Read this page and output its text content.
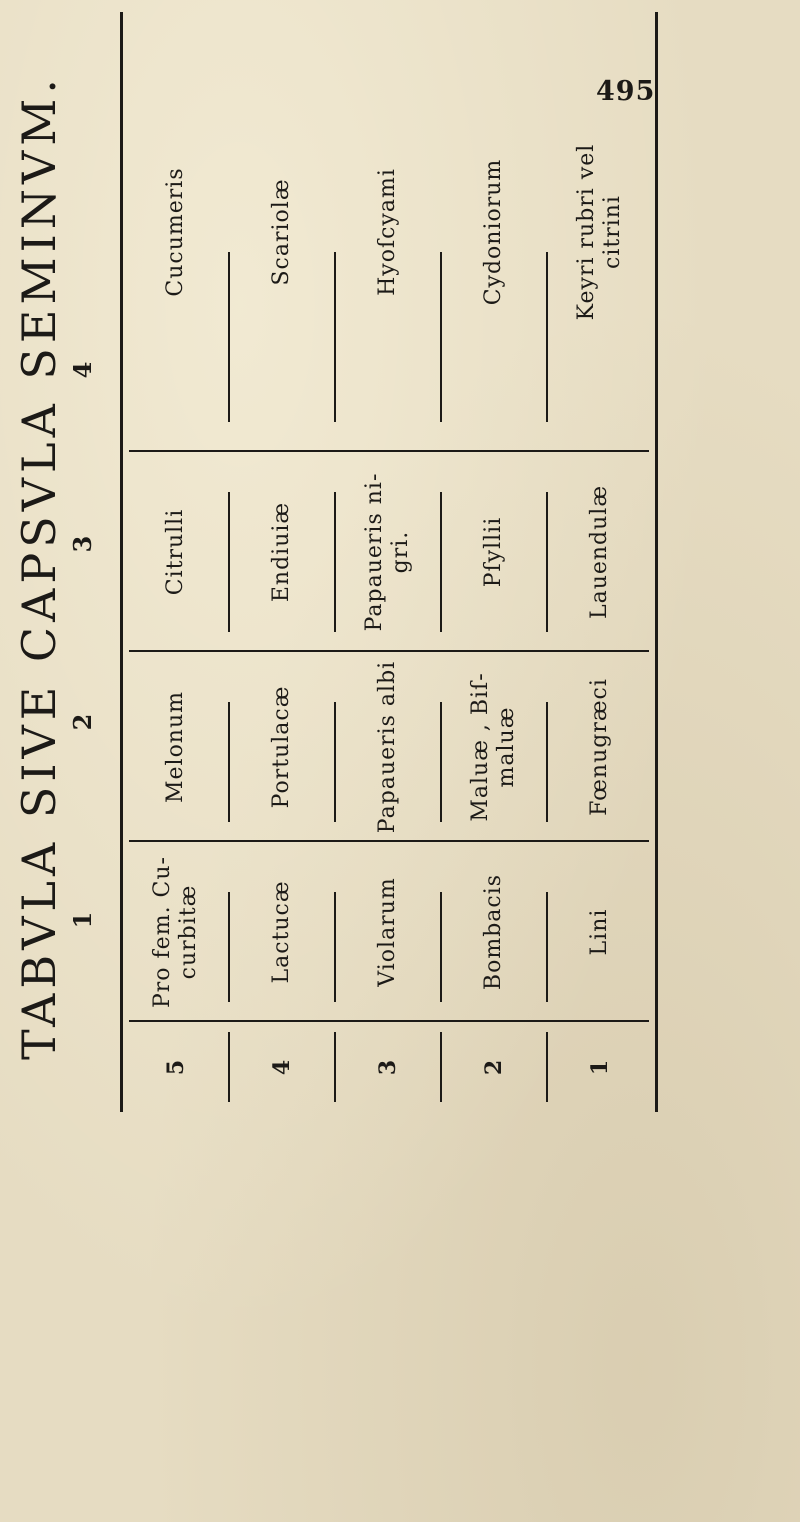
495
TABVLA SIVE CAPSVLA SEMINVM. 1
2
3
4
5
Pro fem. Cu-
curbitæ
Melonum
Citrulli
Cucumeris
4
Lactucæ
Portulacæ
Endiuiæ
Scariolæ
3
Violarum
Papaueris albi
Papaueris ni-
gri.
Hyoſcyami
2
Bombacis
Maluæ , Biſ-
maluæ
Pſyllii
Cydoniorum
1
Lini
Fœnugræci
Lauendulæ
Keyri rubri vel
citrini
